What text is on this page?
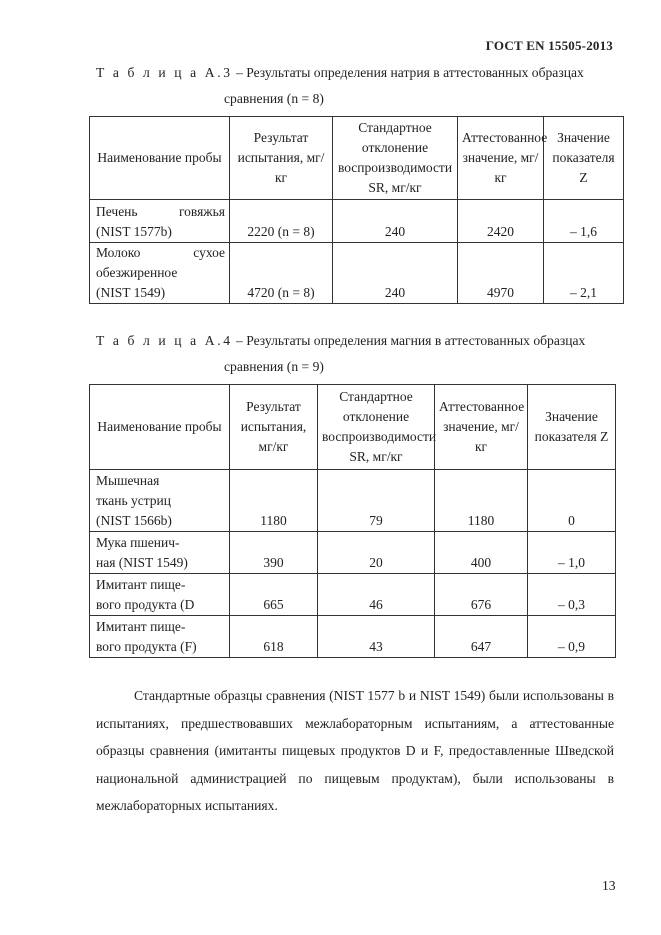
ГОСТ EN 15505-2013
Т а б л и ц а А.3 – Результаты определения натрия в аттестованных образцах
сравнения (n = 8)
Наименование пробы	Результат испытания, мг/кг	Стандартное отклонение воспроизводимости SR, мг/кг	Аттестованное значение, мг/кг	Значение показателя Z

Печень говяжья
(NIST 1577b)	2220 (n = 8)	240	2420	– 1,6

Молоко сухое
обезжиренное
(NIST 1549)	4720 (n = 8)	240	4970	– 2,1
Т а б л и ц а А.4 – Результаты определения магния в аттестованных образцах
сравнения (n = 9)
Наименование пробы	Результат испытания, мг/кг	Стандартное отклонение воспроизводимости SR, мг/кг	Аттестованное значение, мг/кг	Значение показателя Z

Мышечная
ткань устриц
(NIST 1566b)	1180	79	1180	0

Мука пшенич-
ная (NIST 1549)	390	20	400	– 1,0

Имитант пище-
вого продукта (D	665	46	676	– 0,3

Имитант пище-
вого продукта (F)	618	43	647	– 0,9
Стандартные образцы сравнения (NIST 1577 b и NIST 1549) были использованы в испытаниях, предшествовавших межлабораторным испытаниям, а аттестованные образцы сравнения (имитанты пищевых продуктов D и F, предоставленные Шведской национальной администрацией по пищевым продуктам), были использованы в межлабораторных испытаниях.
13
